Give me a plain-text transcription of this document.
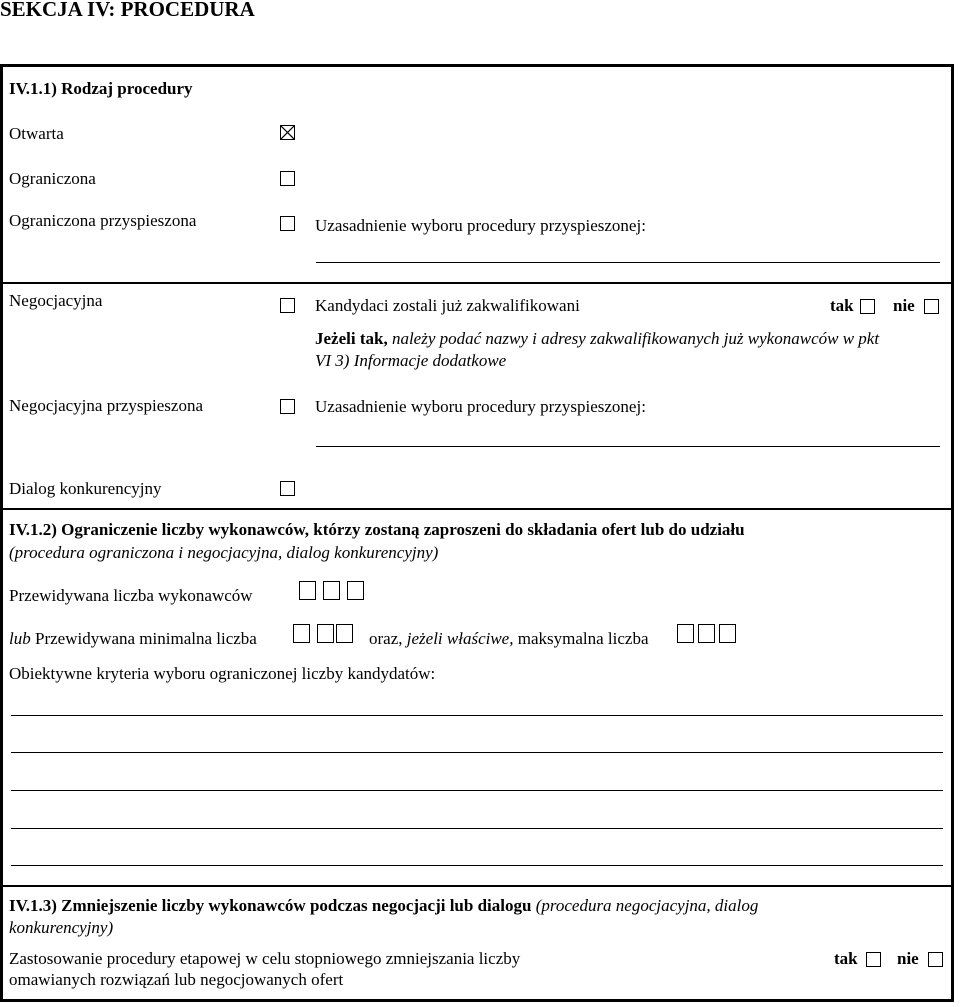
SEKCJA IV: PROCEDURA
IV.1.1) Rodzaj procedury
Otwarta
Ograniczona
Ograniczona przyspieszona	Uzasadnienie wyboru procedury przyspieszonej:
Negocjacyjna	Kandydaci zostali już zakwalifikowani	tak nie
Jeżeli tak, należy podać nazwy i adresy zakwalifikowanych już wykonawców w pkt
VI 3) Informacje dodatkowe
Negocjacyjna przyspieszona	Uzasadnienie wyboru procedury przyspieszonej:
Dialog konkurencyjny
IV.1.2) Ograniczenie liczby wykonawców, którzy zostaną zaproszeni do składania ofert lub do udziału
(procedura ograniczona i negocjacyjna, dialog konkurencyjny)
Przewidywana liczba wykonawców
lub Przewidywana minimalna liczba	oraz, jeżeli właściwe, maksymalna liczba
Obiektywne kryteria wyboru ograniczonej liczby kandydatów:
IV.1.3) Zmniejszenie liczby wykonawców podczas negocjacji lub dialogu (procedura negocjacyjna, dialog
konkurencyjny)
Zastosowanie procedury etapowej w celu stopniowego zmniejszania liczby
omawianych rozwiązań lub negocjowanych ofert
tak nie
